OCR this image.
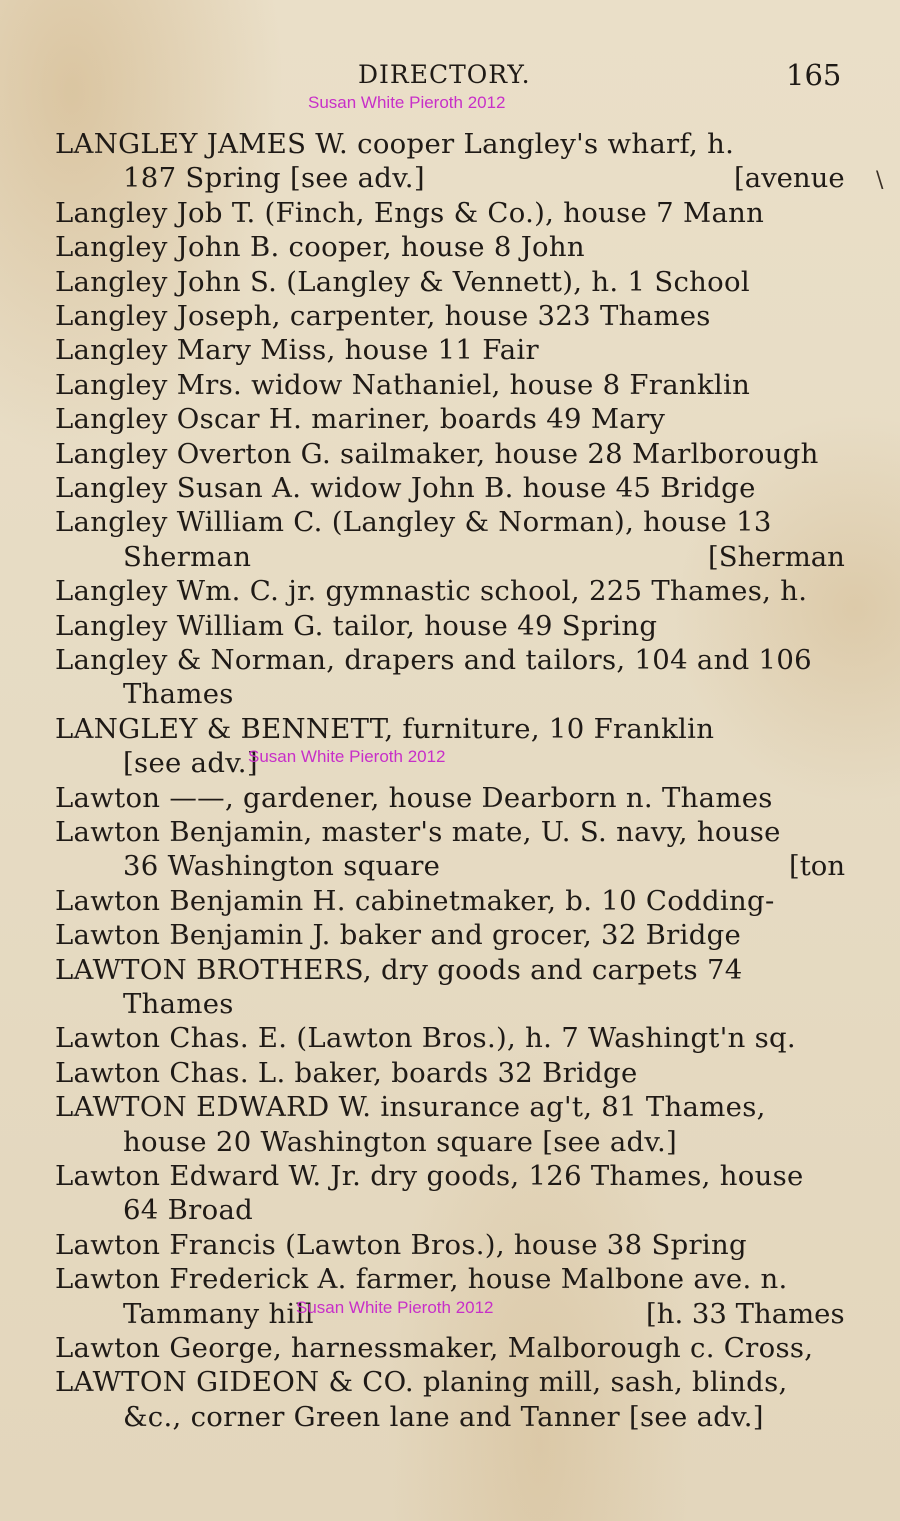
DIRECTORY.	165
LANGLEY JAMES W. cooper Langley's wharf, h.
187 Spring [see adv.]	[avenue
Langley Job T. (Finch, Engs & Co.), house 7 Mann
Langley John B. cooper, house 8 John
Langley John S. (Langley & Vennett), h. 1 School
Langley Joseph, carpenter, house 323 Thames
Langley Mary Miss, house 11 Fair
Langley Mrs. widow Nathaniel, house 8 Franklin
Langley Oscar H. mariner, boards 49 Mary
Langley Overton G. sailmaker, house 28 Marlborough
Langley Susan A. widow John B. house 45 Bridge
Langley William C. (Langley & Norman), house 13
Sherman	[Sherman
Langley Wm. C. jr. gymnastic school, 225 Thames, h.
Langley William G. tailor, house 49 Spring
Langley & Norman, drapers and tailors, 104 and 106
Thames
LANGLEY & BENNETT, furniture, 10 Franklin
[see adv.]
Lawton ——, gardener, house Dearborn n. Thames
Lawton Benjamin, master's mate, U. S. navy, house
36 Washington square	[ton
Lawton Benjamin H. cabinetmaker, b. 10 Codding-
Lawton Benjamin J. baker and grocer, 32 Bridge
LAWTON BROTHERS, dry goods and carpets 74
Thames
Lawton Chas. E. (Lawton Bros.), h. 7 Washingt'n sq.
Lawton Chas. L. baker, boards 32 Bridge
LAWTON EDWARD W. insurance ag't, 81 Thames,
house 20 Washington square [see adv.]
Lawton Edward W. Jr. dry goods, 126 Thames, house
64 Broad
Lawton Francis (Lawton Bros.), house 38 Spring
Lawton Frederick A. farmer, house Malbone ave. n.
Tammany hill	[h. 33 Thames
Lawton George, harnessmaker, Malborough c. Cross,
LAWTON GIDEON & CO. planing mill, sash, blinds,
&c., corner Green lane and Tanner [see adv.]
\
Susan White Pieroth 2012
Susan White Pieroth 2012
Susan White Pieroth 2012
